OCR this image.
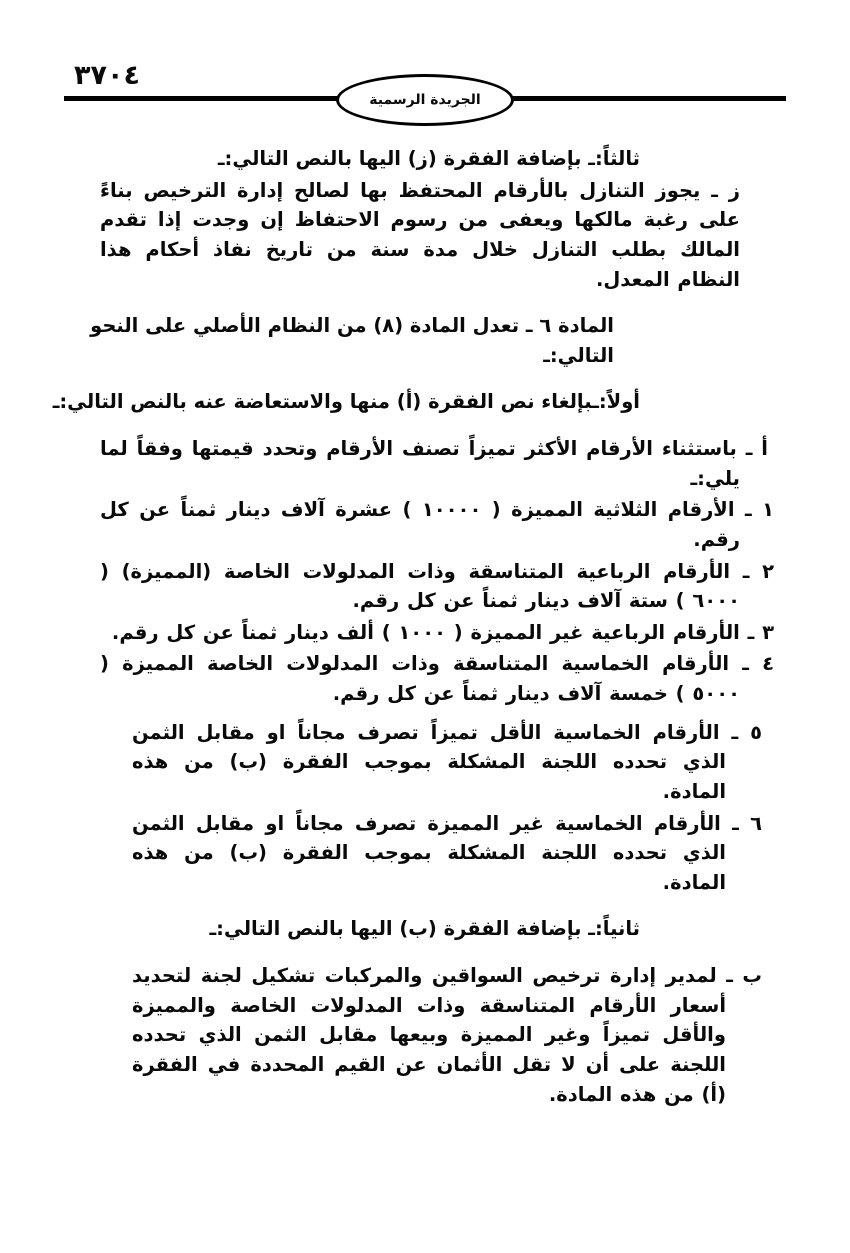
٣٧٠٤
الجريدة الرسمية

ثالثاً:ـ بإضافة الفقرة (ز) اليها بالنص التالي:ـ

ز ـ يجوز التنازل بالأرقام المحتفظ بها لصالح إدارة الترخيص بناءً على رغبة مالكها ويعفى من رسوم الاحتفاظ إن وجدت إذا تقدم المالك بطلب التنازل خلال مدة سنة من تاريخ نفاذ أحكام هذا النظام المعدل.

المادة ٦ ـ تعدل المادة (٨) من النظام الأصلي على النحو التالي:ـ

أولاً:ـبإلغاء نص الفقرة (أ) منها والاستعاضة عنه بالنص التالي:ـ

أ ـ باستثناء الأرقام الأكثر تميزاً تصنف الأرقام وتحدد قيمتها وفقاً لما يلي:ـ

١ ـ الأرقام الثلاثية المميزة ( ١٠٠٠٠ ) عشرة آلاف دينار ثمناً عن كل رقم.

٢ ـ الأرقام الرباعية المتناسقة وذات المدلولات الخاصة (المميزة) ( ٦٠٠٠ ) ستة آلاف دينار ثمناً عن كل رقم.

٣ ـ الأرقام الرباعية غير المميزة ( ١٠٠٠ ) ألف دينار ثمناً عن كل رقم.

٤ ـ الأرقام الخماسية المتناسقة وذات المدلولات الخاصة المميزة ( ٥٠٠٠ ) خمسة آلاف دينار ثمناً عن كل رقم.

٥ ـ الأرقام الخماسية الأقل تميزاً تصرف مجاناً او مقابل الثمن الذي تحدده اللجنة المشكلة بموجب الفقرة (ب) من هذه المادة.

٦ ـ الأرقام الخماسية غير المميزة تصرف مجاناً او مقابل الثمن الذي تحدده اللجنة المشكلة بموجب الفقرة (ب) من هذه المادة.

ثانياً:ـ بإضافة الفقرة (ب) اليها بالنص التالي:ـ

ب ـ لمدير إدارة ترخيص السواقين والمركبات تشكيل لجنة لتحديد أسعار الأرقام المتناسقة وذات المدلولات الخاصة والمميزة والأقل تميزاً وغير المميزة وبيعها مقابل الثمن الذي تحدده اللجنة على أن لا تقل الأثمان عن القيم المحددة في الفقرة (أ) من هذه المادة.
